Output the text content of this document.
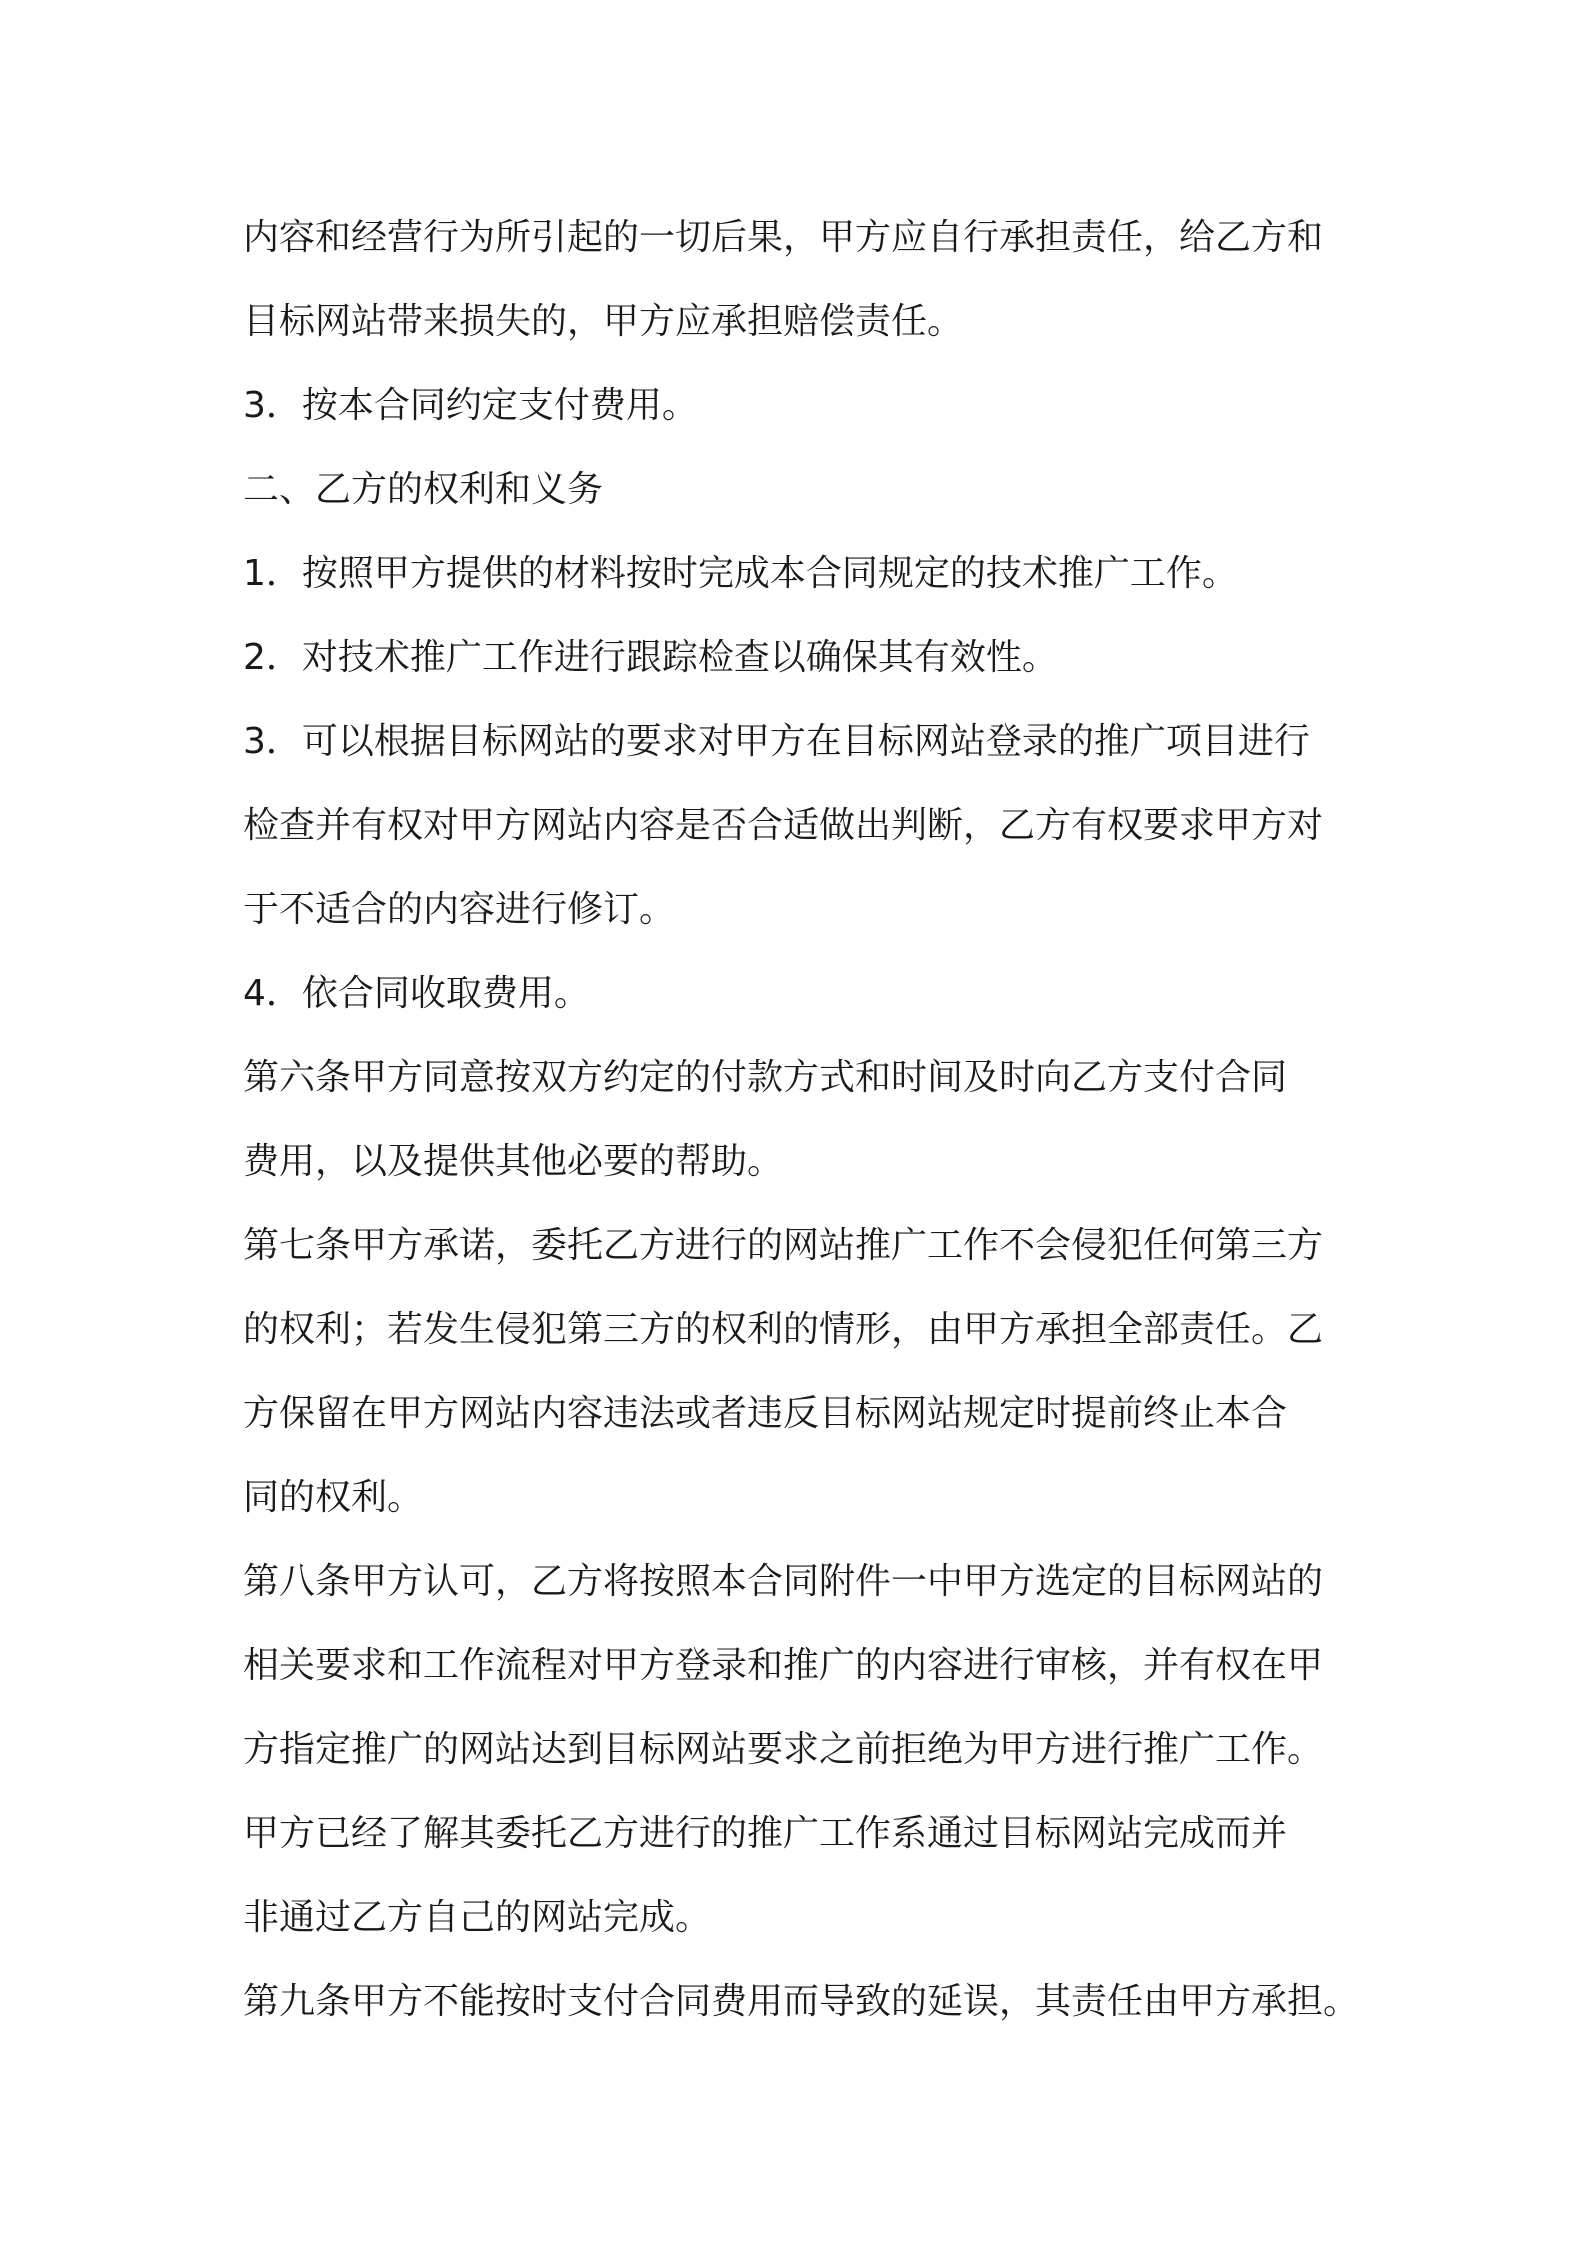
内容和经营行为所引起的一切后果，甲方应自行承担责任，给乙方和
目标网站带来损失的，甲方应承担赔偿责任。
3．按本合同约定支付费用。
二、乙方的权利和义务
1．按照甲方提供的材料按时完成本合同规定的技术推广工作。
2．对技术推广工作进行跟踪检查以确保其有效性。
3．可以根据目标网站的要求对甲方在目标网站登录的推广项目进行
检查并有权对甲方网站内容是否合适做出判断，乙方有权要求甲方对
于不适合的内容进行修订。
4．依合同收取费用。
第六条甲方同意按双方约定的付款方式和时间及时向乙方支付合同
费用，以及提供其他必要的帮助。
第七条甲方承诺，委托乙方进行的网站推广工作不会侵犯任何第三方
的权利；若发生侵犯第三方的权利的情形，由甲方承担全部责任。乙
方保留在甲方网站内容违法或者违反目标网站规定时提前终止本合
同的权利。
第八条甲方认可，乙方将按照本合同附件一中甲方选定的目标网站的
相关要求和工作流程对甲方登录和推广的内容进行审核，并有权在甲
方指定推广的网站达到目标网站要求之前拒绝为甲方进行推广工作。
甲方已经了解其委托乙方进行的推广工作系通过目标网站完成而并
非通过乙方自己的网站完成。
第九条甲方不能按时支付合同费用而导致的延误，其责任由甲方承担。
